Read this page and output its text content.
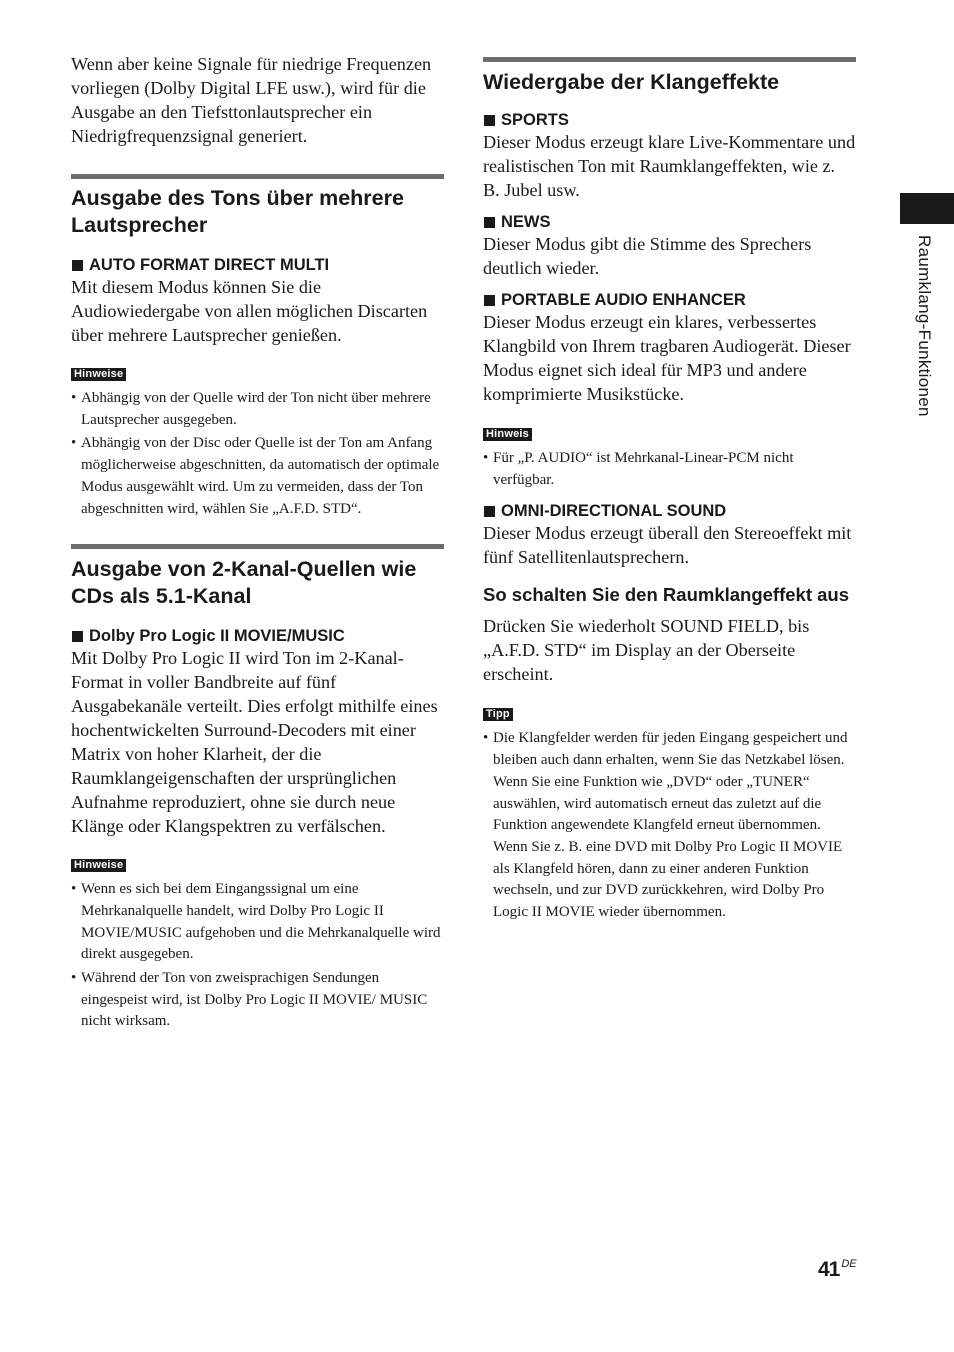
Wenn aber keine Signale für niedrige Frequenzen vorliegen (Dolby Digital LFE usw.), wird für die Ausgabe an den Tiefsttonlautsprecher ein Niedrigfrequenzsignal generiert.

Ausgabe des Tons über mehrere Lautsprecher
AUTO FORMAT DIRECT MULTI

Mit diesem Modus können Sie die Audiowiedergabe von allen möglichen Discarten über mehrere Lautsprecher genießen.

Hinweise
• Abhängig von der Quelle wird der Ton nicht über mehrere Lautsprecher ausgegeben.
• Abhängig von der Disc oder Quelle ist der Ton am Anfang möglicherweise abgeschnitten, da automatisch der optimale Modus ausgewählt wird. Um zu vermeiden, dass der Ton abgeschnitten wird, wählen Sie „A.F.D. STD“.
Ausgabe von 2-Kanal-Quellen wie CDs als 5.1-Kanal
Dolby Pro Logic II MOVIE/MUSIC

Mit Dolby Pro Logic II wird Ton im 2-Kanal-Format in voller Bandbreite auf fünf Ausgabekanäle verteilt. Dies erfolgt mithilfe eines hochentwickelten Surround-Decoders mit einer Matrix von hoher Klarheit, der die Raumklangeigenschaften der ursprünglichen Aufnahme reproduziert, ohne sie durch neue Klänge oder Klangspektren zu verfälschen.

Hinweise
• Wenn es sich bei dem Eingangssignal um eine Mehrkanalquelle handelt, wird Dolby Pro Logic II MOVIE/MUSIC aufgehoben und die Mehrkanalquelle wird direkt ausgegeben.
• Während der Ton von zweisprachigen Sendungen eingespeist wird, ist Dolby Pro Logic II MOVIE/ MUSIC nicht wirksam.
Wiedergabe der Klangeffekte
SPORTS

Dieser Modus erzeugt klare Live-Kommentare und realistischen Ton mit Raumklangeffekten, wie z. B. Jubel usw.

NEWS

Dieser Modus gibt die Stimme des Sprechers deutlich wieder.

PORTABLE AUDIO ENHANCER

Dieser Modus erzeugt ein klares, verbessertes Klangbild von Ihrem tragbaren Audiogerät. Dieser Modus eignet sich ideal für MP3 und andere komprimierte Musikstücke.

Hinweis
• Für „P. AUDIO“ ist Mehrkanal-Linear-PCM nicht verfügbar.
OMNI-DIRECTIONAL SOUND

Dieser Modus erzeugt überall den Stereoeffekt mit fünf Satellitenlautsprechern.

So schalten Sie den Raumklangeffekt aus

Drücken Sie wiederholt SOUND FIELD, bis „A.F.D. STD“ im Display an der Oberseite erscheint.

Tipp
• Die Klangfelder werden für jeden Eingang gespeichert und bleiben auch dann erhalten, wenn Sie das Netzkabel lösen.
Wenn Sie eine Funktion wie „DVD“ oder „TUNER“ auswählen, wird automatisch erneut das zuletzt auf die Funktion angewendete Klangfeld erneut übernommen. Wenn Sie z. B. eine DVD mit Dolby Pro Logic II MOVIE als Klangfeld hören, dann zu einer anderen Funktion wechseln, und zur DVD zurückkehren, wird Dolby Pro Logic II MOVIE wieder übernommen.
Raumklang-Funktionen
41 $^{DE}$
